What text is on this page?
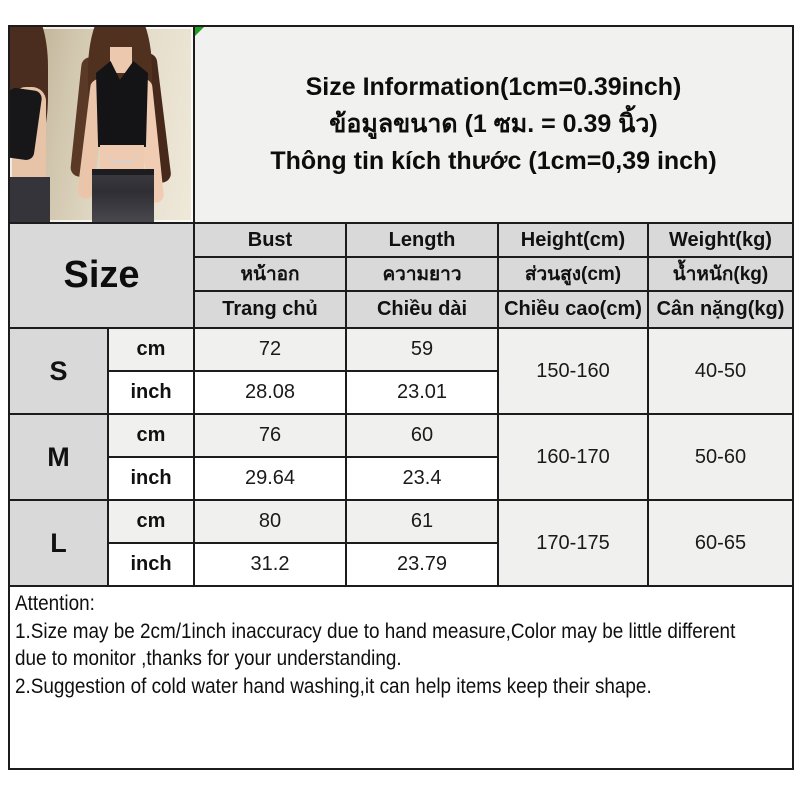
Size Information(1cm=0.39inch)
ข้อมูลขนาด (1 ซม. = 0.39 นิ้ว)
Thông tin kích thước (1cm=0,39 inch)
Size
Bust	Length	Height(cm)	Weight(kg)
หน้าอก	ความยาว	ส่วนสูง(cm)	น้ำหนัก(kg)
Trang chủ	Chiều dài	Chiều cao(cm) Cân nặng(kg)
S
cm	72	59
inch	28.08	23.01
150-160	40-50
M
cm	76	60
inch	29.64	23.4
160-170	50-60
L
cm	80	61
inch	31.2	23.79
170-175	60-65
Attention:
1.Size may be 2cm/1inch inaccuracy due to hand measure,Color may be little different
due to monitor ,thanks for your understanding.
2.Suggestion of cold water hand washing,it can help items keep their shape.
